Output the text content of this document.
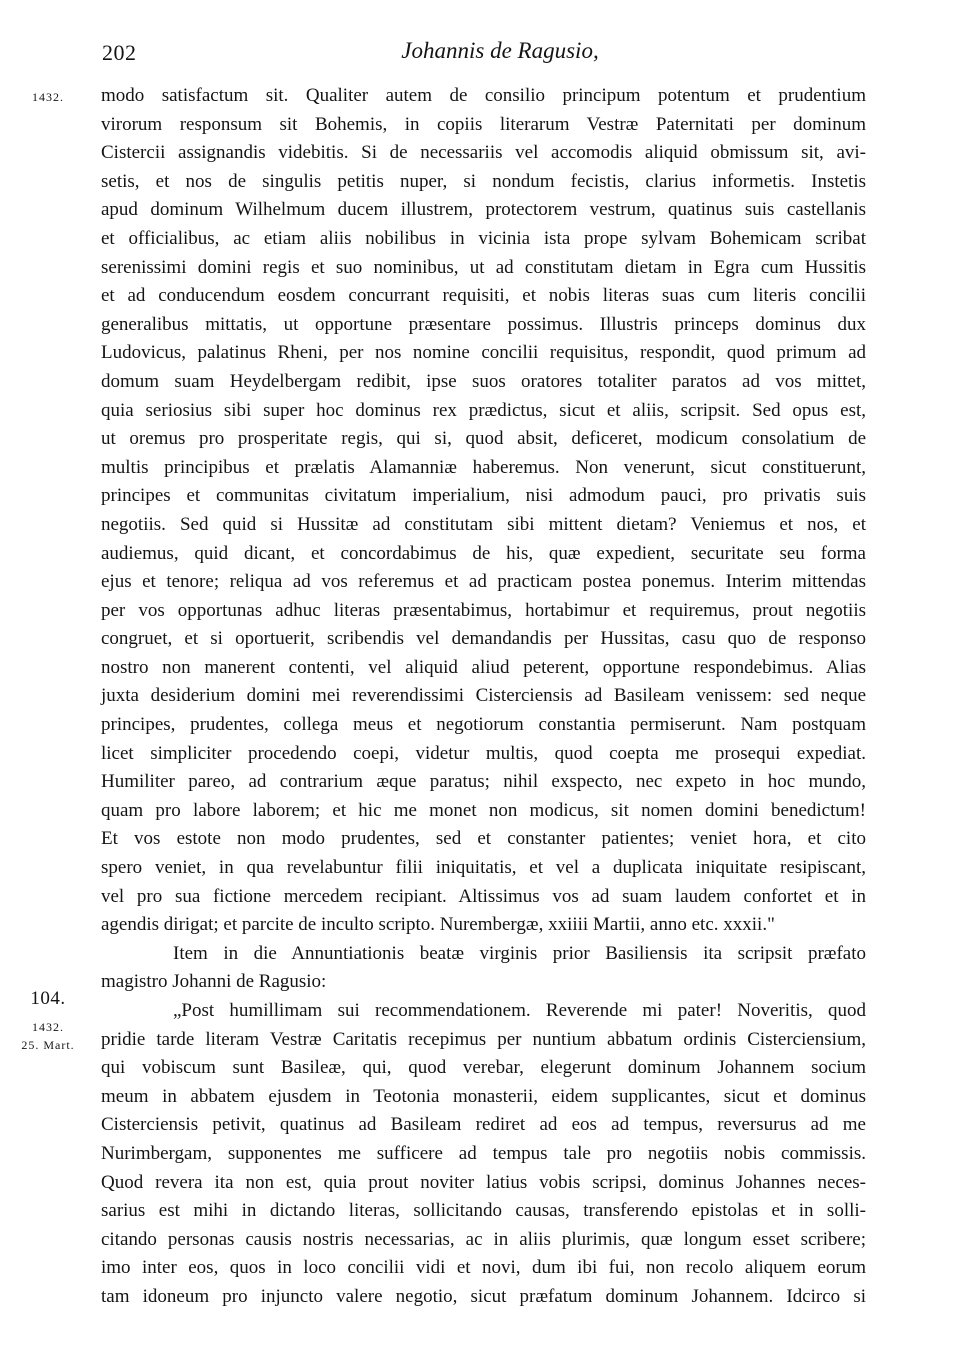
202	Johannis de Ragusio,
1432.
104.
1432.
25. Mart.
modo satisfactum sit. Qualiter autem de consilio principum potentum et prudentium
virorum responsum sit Bohemis, in copiis literarum Vestræ Paternitati per dominum
Cistercii assignandis videbitis. Si de necessariis vel accomodis aliquid obmissum sit, avi-
setis, et nos de singulis petitis nuper, si nondum fecistis, clarius informetis. Instetis
apud dominum Wilhelmum ducem illustrem, protectorem vestrum, quatinus suis castellanis
et officialibus, ac etiam aliis nobilibus in vicinia ista prope sylvam Bohemicam scribat
serenissimi domini regis et suo nominibus, ut ad constitutam dietam in Egra cum Hussitis
et ad conducendum eosdem concurrant requisiti, et nobis literas suas cum literis concilii
generalibus mittatis, ut opportune præsentare possimus. Illustris princeps dominus dux
Ludovicus, palatinus Rheni, per nos nomine concilii requisitus, respondit, quod primum ad
domum suam Heydelbergam redibit, ipse suos oratores totaliter paratos ad vos mittet,
quia seriosius sibi super hoc dominus rex prædictus, sicut et aliis, scripsit. Sed opus est,
ut oremus pro prosperitate regis, qui si, quod absit, deficeret, modicum consolatium de
multis principibus et prælatis Alamanniæ haberemus. Non venerunt, sicut constituerunt,
principes et communitas civitatum imperialium, nisi admodum pauci, pro privatis suis
negotiis. Sed quid si Hussitæ ad constitutam sibi mittent dietam? Veniemus et nos, et
audiemus, quid dicant, et concordabimus de his, quæ expedient, securitate seu forma
ejus et tenore; reliqua ad vos referemus et ad practicam postea ponemus. Interim mittendas
per vos opportunas adhuc literas præsentabimus, hortabimur et requiremus, prout negotiis
congruet, et si oportuerit, scribendis vel demandandis per Hussitas, casu quo de responso
nostro non manerent contenti, vel aliquid aliud peterent, opportune respondebimus. Alias
juxta desiderium domini mei reverendissimi Cisterciensis ad Basileam venissem: sed neque
principes, prudentes, collega meus et negotiorum constantia permiserunt. Nam postquam
licet simpliciter procedendo coepi, videtur multis, quod coepta me prosequi expediat.
Humiliter pareo, ad contrarium æque paratus; nihil exspecto, nec expeto in hoc mundo,
quam pro labore laborem; et hic me monet non modicus, sit nomen domini benedictum!
Et vos estote non modo prudentes, sed et constanter patientes; veniet hora, et cito
spero veniet, in qua revelabuntur filii iniquitatis, et vel a duplicata iniquitate resipiscant,
vel pro sua fictione mercedem recipiant. Altissimus vos ad suam laudem confortet et in
agendis dirigat; et parcite de inculto scripto. Nurembergæ, xxiiii Martii, anno etc. xxxii."
Item in die Annuntiationis beatæ virginis prior Basiliensis ita scripsit præfato
magistro Johanni de Ragusio:
„Post humillimam sui recommendationem. Reverende mi pater! Noveritis, quod
pridie tarde literam Vestræ Caritatis recepimus per nuntium abbatum ordinis Cisterciensium,
qui vobiscum sunt Basileæ, qui, quod verebar, elegerunt dominum Johannem socium
meum in abbatem ejusdem in Teotonia monasterii, eidem supplicantes, sicut et dominus
Cisterciensis petivit, quatinus ad Basileam rediret ad eos ad tempus, reversurus ad me
Nurimbergam, supponentes me sufficere ad tempus tale pro negotiis nobis commissis.
Quod revera ita non est, quia prout noviter latius vobis scripsi, dominus Johannes neces-
sarius est mihi in dictando literas, sollicitando causas, transferendo epistolas et in solli-
citando personas causis nostris necessarias, ac in aliis plurimis, quæ longum esset scribere;
imo inter eos, quos in loco concilii vidi et novi, dum ibi fui, non recolo aliquem eorum
tam idoneum pro injuncto valere negotio, sicut præfatum dominum Johannem. Idcirco si
